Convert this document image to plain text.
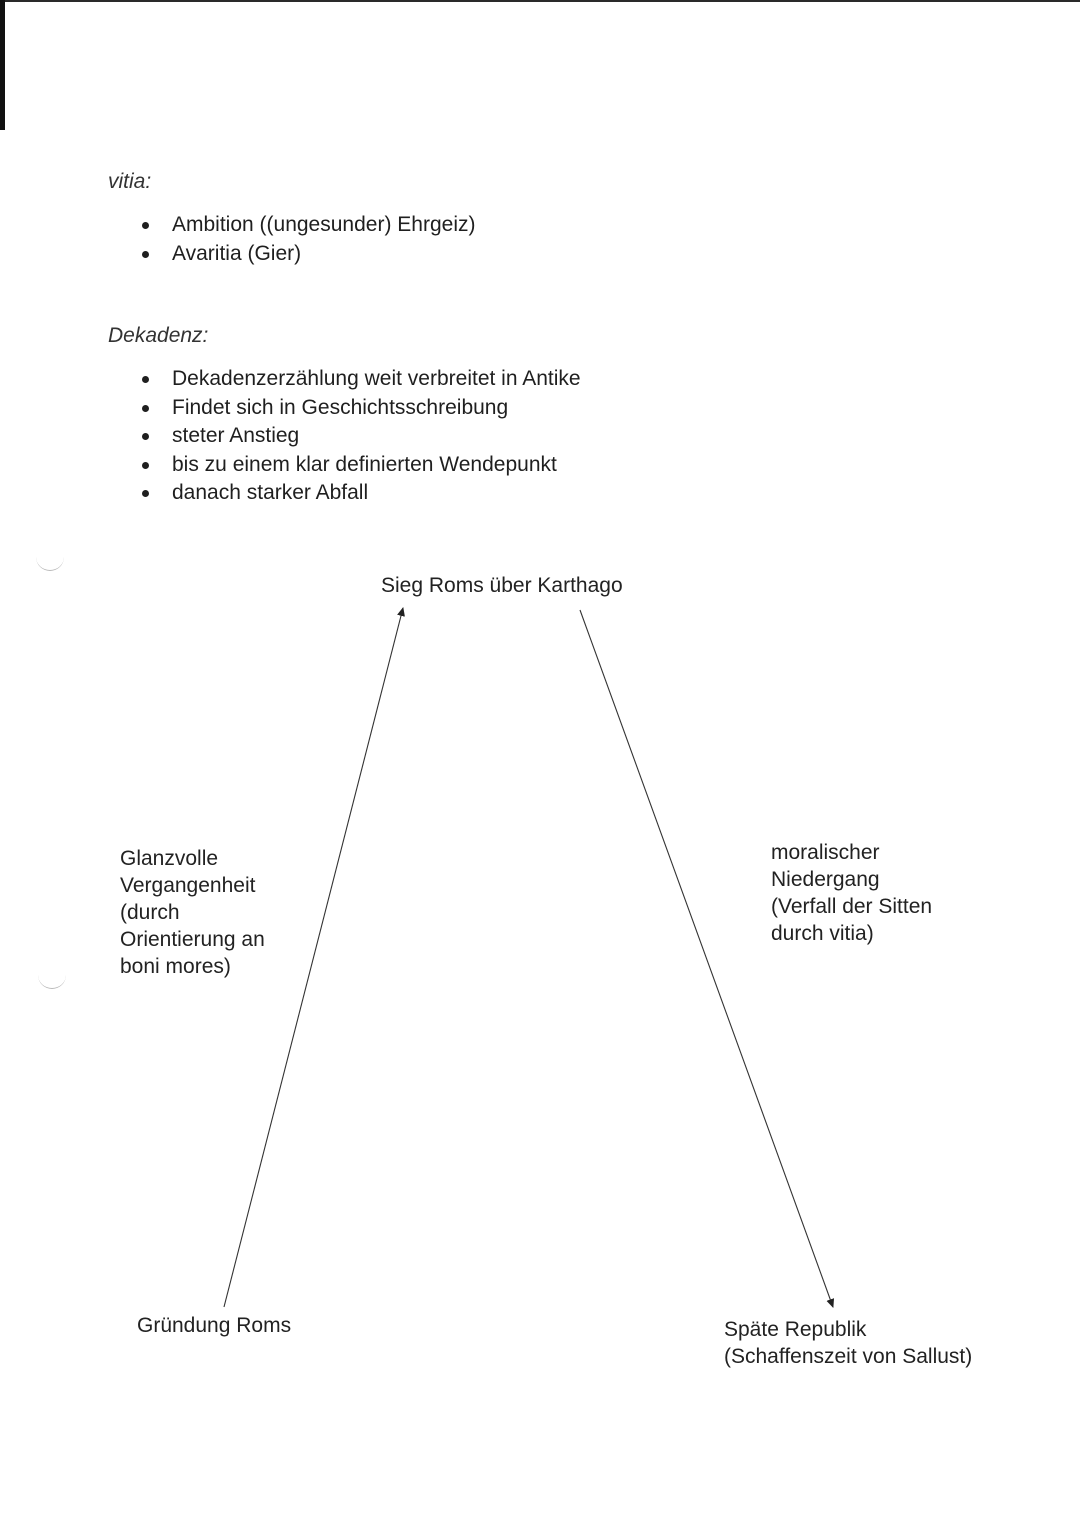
vitia:
Ambition ((ungesunder) Ehrgeiz)
Avaritia (Gier)
Dekadenz:
Dekadenzerzählung weit verbreitet in Antike
Findet sich in Geschichtsschreibung
steter Anstieg
bis zu einem klar definierten Wendepunkt
danach starker Abfall
Sieg Roms über Karthago
Glanzvolle
Vergangenheit
(durch
Orientierung an
boni mores)
moralischer
Niedergang
(Verfall der Sitten
durch vitia)
Gründung Roms	Späte Republik
(Schaffenszeit von Sallust)
